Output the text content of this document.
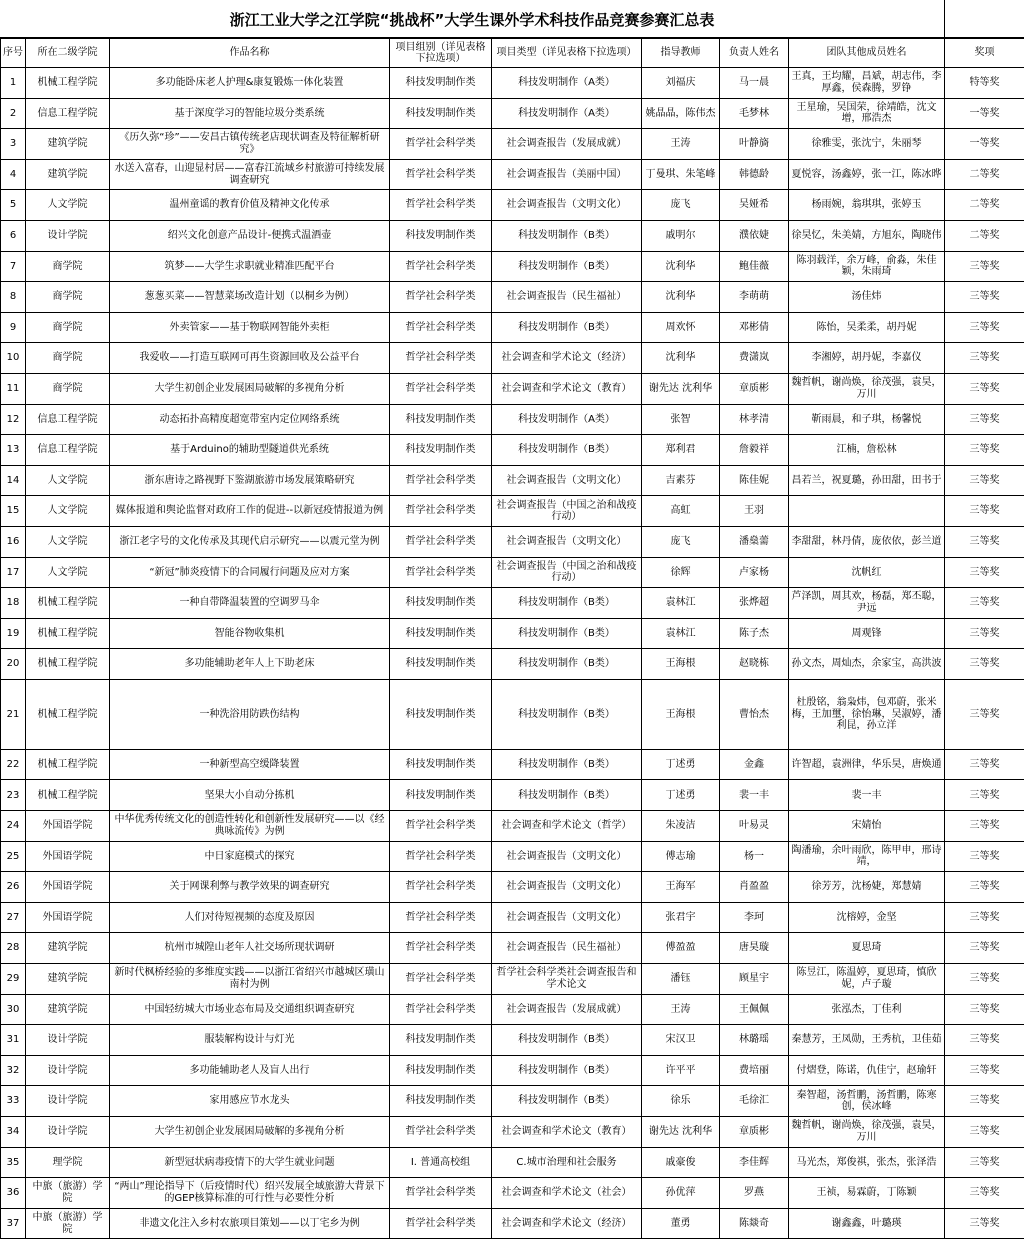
浙江工业大学之江学院“挑战杯”大学生课外学术科技作品竞赛参赛汇总表
序号	所在二级学院	作品名称	项目组别（详见表格下拉选项）	项目类型（详见表格下拉选项）	指导教师	负责人姓名	团队其他成员姓名	奖项
1	机械工程学院	多功能卧床老人护理&康复锻炼一体化装置	科技发明制作类	科技发明制作（A类）	刘福庆	马一晨	王真，王均耀，昌斌，胡志伟，李厚鑫，侯森腾，罗铮	特等奖
2	信息工程学院	基于深度学习的智能垃圾分类系统	科技发明制作类	科技发明制作（A类）	姚晶晶，陈伟杰	毛梦林	王星瑜，吴国荣，徐靖皓，沈文增，邢浩杰	一等奖
3	建筑学院	《历久弥“珍”——安昌古镇传统老店现状调查及特征解析研究》	哲学社会科学类	社会调查报告（发展成就）	王涛	叶静旖	徐雅雯，张沈宁，朱丽琴	一等奖
4	建筑学院	水送入富春，山迎显村居——富春江流域乡村旅游可持续发展调查研究	哲学社会科学类	社会调查报告（美丽中国）	丁曼琪、朱笔峰	韩德龄	夏悦容，汤鑫婷，张一江，陈冰晔	二等奖
5	人文学院	温州童谣的教育价值及精神文化传承	哲学社会科学类	社会调查报告（文明文化）	庞飞	吴娅希	杨雨婉，翁琪琪，张婷玉	二等奖
6	设计学院	绍兴文化创意产品设计-便携式温酒壶	科技发明制作类	科技发明制作（B类）	戚明尔	濮依婕	徐昊忆，朱美婧，方旭东，陶晓伟	二等奖
7	商学院	筑梦——大学生求职就业精准匹配平台	哲学社会科学类	科技发明制作（B类）	沈利华	鲍佳薇	陈羽载洋，余万峰，俞淼，朱佳颖，朱雨琦	三等奖
8	商学院	葱葱买菜——智慧菜场改造计划（以桐乡为例）	哲学社会科学类	社会调查报告（民生福祉）	沈利华	李萌萌	汤佳炜	三等奖
9	商学院	外卖管家——基于物联网智能外卖柜	哲学社会科学类	科技发明制作（B类）	周欢怀	邓彬倩	陈怡，吴柔柔，胡丹妮	三等奖
10	商学院	我爱收——打造互联网可再生资源回收及公益平台	哲学社会科学类	社会调查和学术论文（经济）	沈利华	费潇岚	李湘婷，胡丹妮，李嘉仪	三等奖
11	商学院	大学生初创企业发展困局破解的多视角分析	哲学社会科学类	社会调查和学术论文（教育）	谢先达 沈利华	章质彬	魏哲帆，谢尚焕，徐茂强，袁昊，万川	三等奖
12	信息工程学院	动态拓扑高精度超宽带室内定位网络系统	科技发明制作类	科技发明制作（A类）	张智	林孝清	靳雨晨，和子琪，杨馨悦	三等奖
13	信息工程学院	基于Arduino的辅助型隧道供光系统	科技发明制作类	科技发明制作（B类）	郑利君	詹毅祥	江楠，詹松林	三等奖
14	人文学院	浙东唐诗之路视野下鉴湖旅游市场发展策略研究	哲学社会科学类	社会调查报告（文明文化）	吉素芬	陈佳妮	昌若兰，祝夏璐，孙田甜，田书于	三等奖
15	人文学院	媒体报道和舆论监督对政府工作的促进--以新冠疫情报道为例	哲学社会科学类	社会调查报告（中国之治和战疫行动）	高虹	王羽		三等奖
16	人文学院	浙江老字号的文化传承及其现代启示研究——以震元堂为例	哲学社会科学类	社会调查报告（文明文化）	庞飞	潘燊薷	李甜甜，林丹倩，庞依依，彭兰道	三等奖
17	人文学院	“新冠”肺炎疫情下的合同履行问题及应对方案	哲学社会科学类	社会调查报告（中国之治和战疫行动）	徐辉	卢家杨	沈帆红	三等奖
18	机械工程学院	一种自带降温装置的空调罗马伞	科技发明制作类	科技发明制作（B类）	袁林江	张烨超	芦泽凯，周其欢，杨磊，郑丕聪，尹远	三等奖
19	机械工程学院	智能谷物收集机	科技发明制作类	科技发明制作（B类）	袁林江	陈子杰	周观锋	三等奖
20	机械工程学院	多功能辅助老年人上下助老床	科技发明制作类	科技发明制作（B类）	王海根	赵晓栋	孙文杰，周灿杰，余家宝，高洪波	三等奖
21	机械工程学院	一种洗浴用防跌伤结构	科技发明制作类	科技发明制作（B类）	王海根	曹怡杰	杜殷铭，翁枭炜，包邓蔚，张米梅，王加璽，徐怡琳，吴淑婷，潘利昆，孙立洋	三等奖
22	机械工程学院	一种新型高空缓降装置	科技发明制作类	科技发明制作（B类）	丁述勇	金鑫	许智超，袁洲律，华乐昊，唐焕通	三等奖
23	机械工程学院	坚果大小自动分拣机	科技发明制作类	科技发明制作（B类）	丁述勇	裴一丰	裴一丰	三等奖
24	外国语学院	中华优秀传统文化的创造性转化和创新性发展研究——以《经典咏流传》为例	哲学社会科学类	社会调查和学术论文（哲学）	朱凌洁	叶易灵	宋婧怡	三等奖
25	外国语学院	中日家庭模式的探究	哲学社会科学类	社会调查报告（文明文化）	傅志瑜	杨一	陶潘瑜，余叶雨欣，陈甲申，邢诗靖，	三等奖
26	外国语学院	关于网课利弊与教学效果的调查研究	哲学社会科学类	社会调查报告（文明文化）	王海军	肖盈盈	徐芳芳，沈杨婕，郑慧婧	三等奖
27	外国语学院	人们对待短视频的态度及原因	哲学社会科学类	社会调查报告（文明文化）	张君宇	李珂	沈榕婷，金坚	三等奖
28	建筑学院	杭州市城隍山老年人社交场所现状调研	哲学社会科学类	社会调查报告（民生福祉）	傅盈盈	唐昊璇	夏思琦	三等奖
29	建筑学院	新时代枫桥经验的多维度实践——以浙江省绍兴市越城区璜山南村为例	哲学社会科学类	哲学社会科学类社会调查报告和学术论文	潘钰	顾星宇	陈昱江，陈温婷，夏思琦，慎欣妮，卢子璇	三等奖
30	建筑学院	中国轻纺城大市场业态布局及交通组织调查研究	哲学社会科学类	社会调查报告（发展成就）	王涛	王佩佩	张泓杰，丁佳利	三等奖
31	设计学院	服装解构设计与灯光	科技发明制作类	科技发明制作（B类）	宋汉卫	林璐瑶	秦慧芳，王凤勋，王秀杭，卫佳茹	三等奖
32	设计学院	多功能辅助老人及盲人出行	科技发明制作类	科技发明制作（B类）	许平平	费培丽	付熠登，陈诺，仇佳宁，赵瑜轩	三等奖
33	设计学院	家用感应节水龙头	科技发明制作类	科技发明制作（B类）	徐乐	毛徐汇	秦智超，汤哲鹏，汤哲鹏，陈寒创，侯冰峰	三等奖
34	设计学院	大学生初创企业发展困局破解的多视角分析	哲学社会科学类	社会调查和学术论文（教育）	谢先达 沈利华	章质彬	魏哲帆，谢尚焕，徐茂强，袁昊，万川	三等奖
35	理学院	新型冠状病毒疫情下的大学生就业问题	I. 普通高校组	C.城市治理和社会服务	戚豪俊	李佳辉	马光杰，郑俊祺，张杰，张泽浩	三等奖
36	中旅（旅游）学院	“两山”理论指导下（后疫情时代）绍兴发展全域旅游大背景下的GEP核算标准的可行性与必要性分析	哲学社会科学类	社会调查和学术论文（社会）	孙优萍	罗燕	王祯，易霖蔚，丁陈颖	三等奖
37	中旅（旅游）学院	非遗文化注入乡村农旅项目策划——以丁宅乡为例	哲学社会科学类	社会调查和学术论文（经济）	董勇	陈燚奇	谢鑫鑫，叶璐瑛	三等奖
